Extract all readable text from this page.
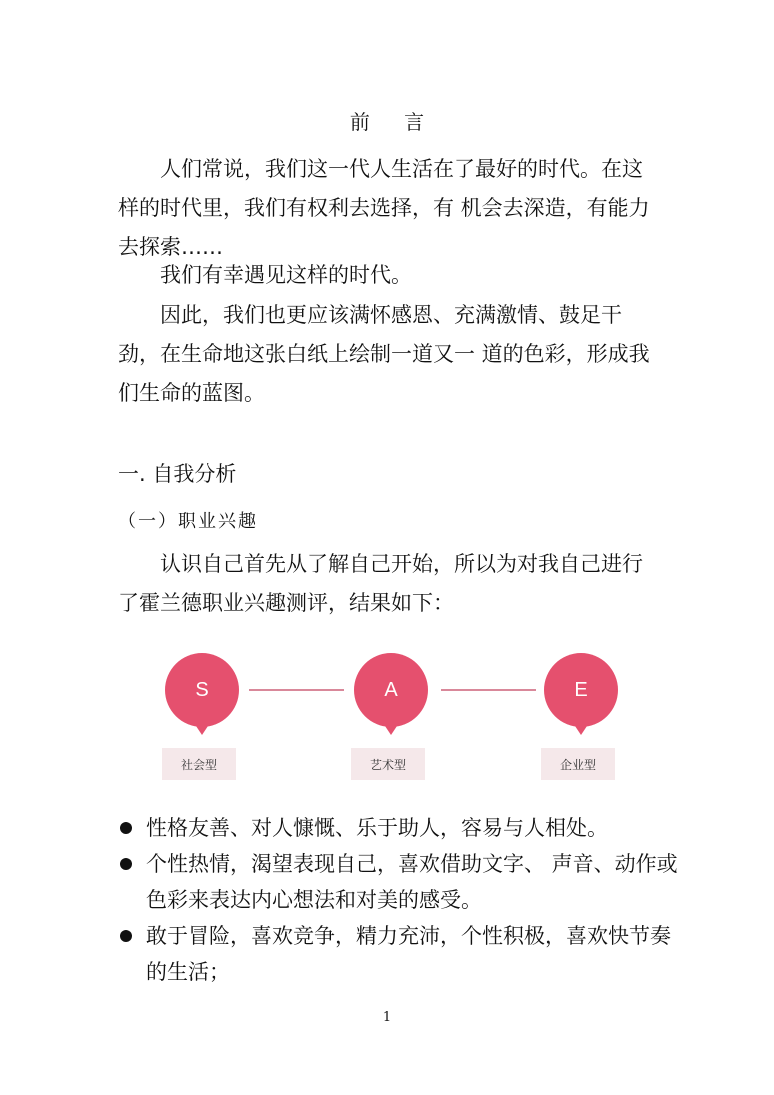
前 言
人们常说，我们这一代人生活在了最好的时代。在这样的时代里，我们有权利去选择，有 机会去深造，有能力去探索……
我们有幸遇见这样的时代。
因此，我们也更应该满怀感恩、充满激情、鼓足干劲，在生命地这张白纸上绘制一道又一 道的色彩，形成我们生命的蓝图。
一. 自我分析
（一）职业兴趣
认识自己首先从了解自己开始，所以为对我自己进行了霍兰德职业兴趣测评，结果如下：
S
社会型
A
艺术型
E
企业型
性格友善、对人慷慨、乐于助人，容易与人相处。
个性热情，渴望表现自己，喜欢借助文字、 声音、动作或色彩来表达内心想法和对美的感受。
敢于冒险，喜欢竞争，精力充沛，个性积极，喜欢快节奏的生活；
1
